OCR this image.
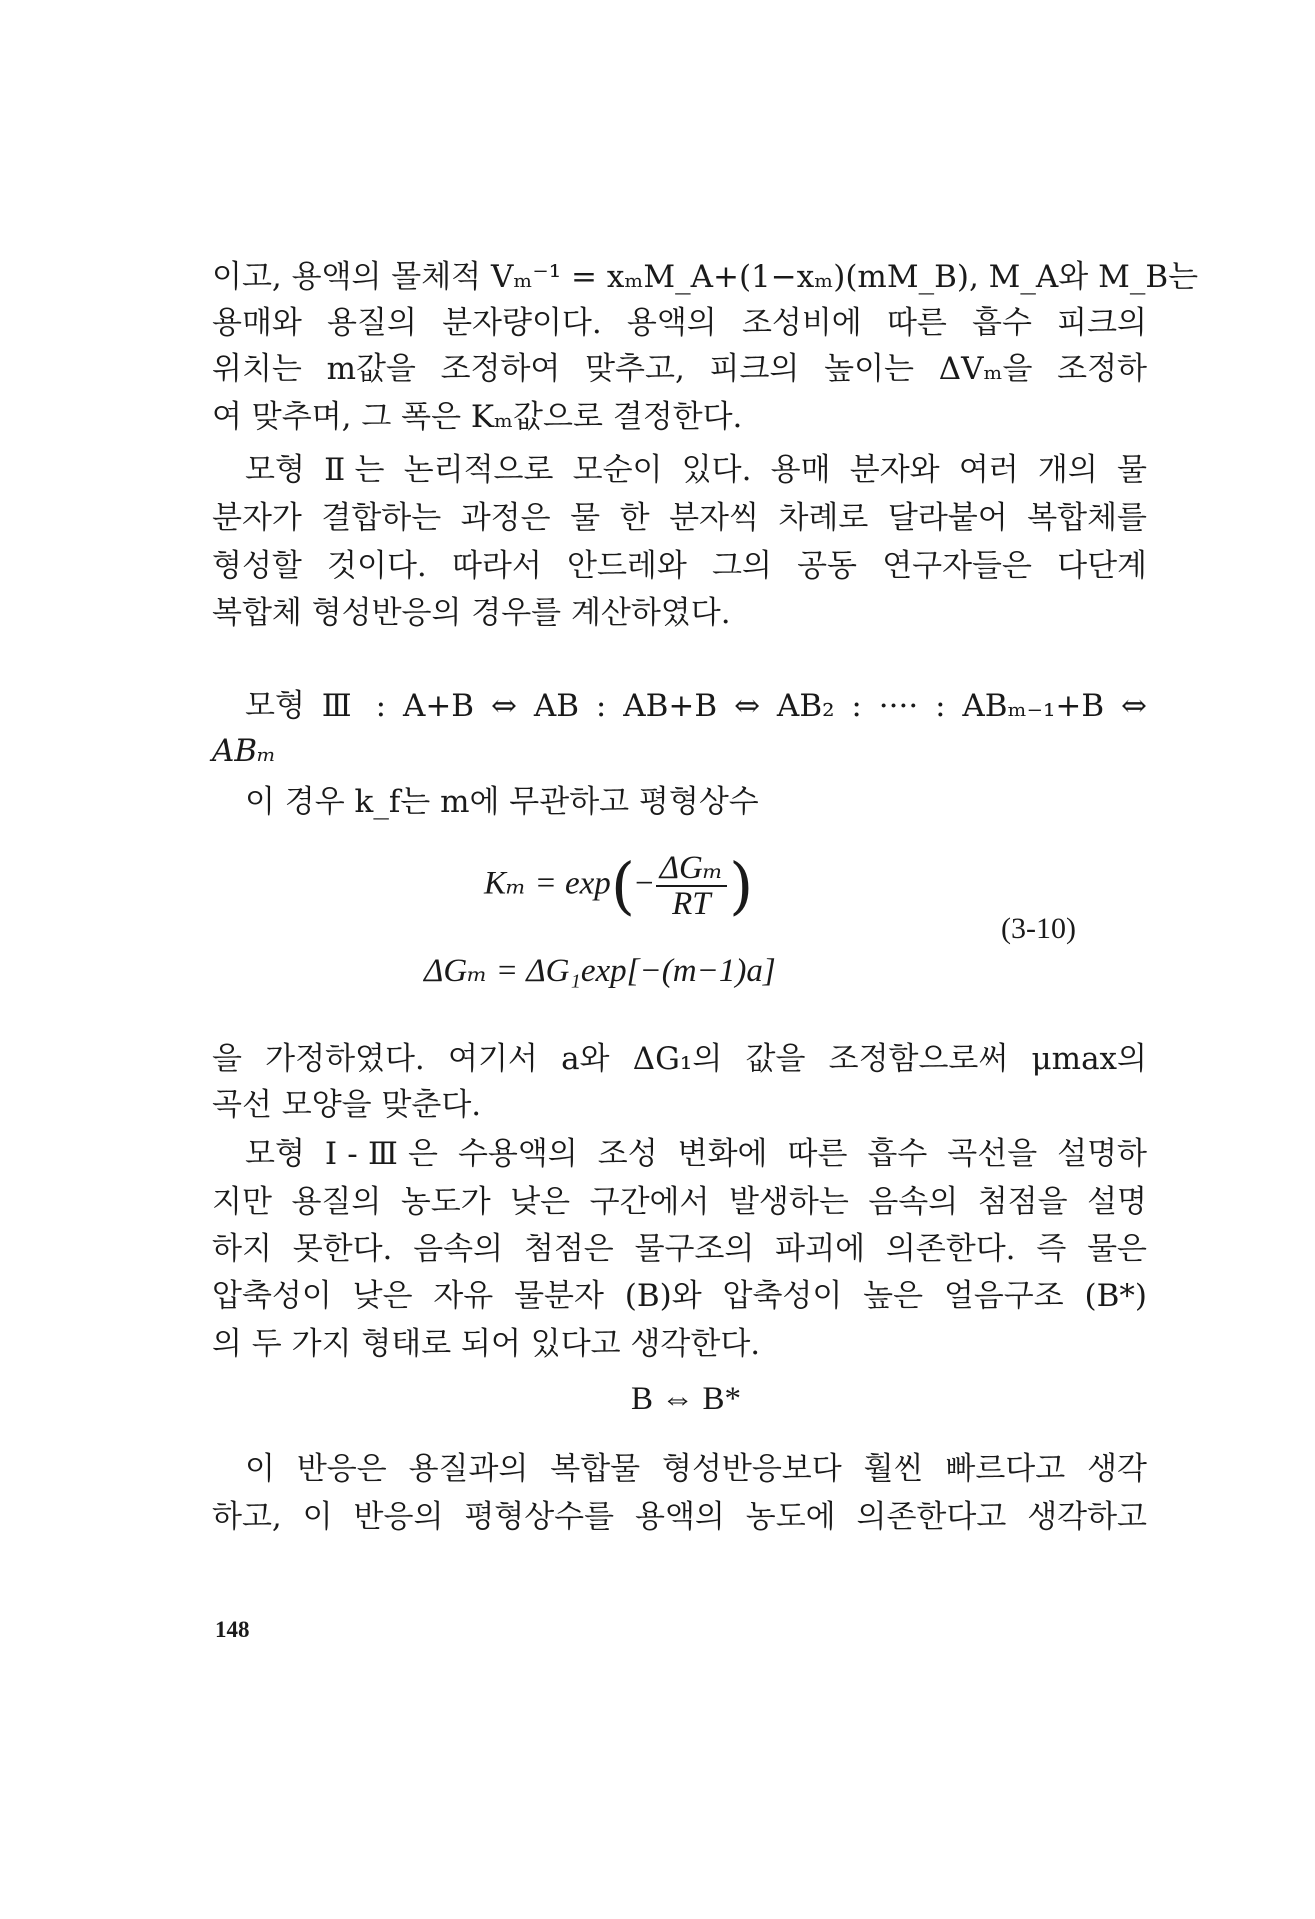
이고, 용액의 몰체적 Vₘ⁻¹ = xₘM_A+(1−xₘ)(mM_B), M_A와 M_B는
용매와 용질의 분자량이다. 용액의 조성비에 따른 흡수 피크의
위치는 m값을 조정하여 맞추고, 피크의 높이는 ΔVₘ을 조정하
여 맞추며, 그 폭은 Kₘ값으로 결정한다.
모형 Ⅱ는 논리적으로 모순이 있다. 용매 분자와 여러 개의 물
분자가 결합하는 과정은 물 한 분자씩 차례로 달라붙어 복합체를
형성할 것이다. 따라서 안드레와 그의 공동 연구자들은 다단계
복합체 형성반응의 경우를 계산하였다.
모형 Ⅲ : A+B ⇔ AB : AB+B ⇔ AB₂ : ···· : ABₘ₋₁+B ⇔
ABₘ
이 경우 k_f는 m에 무관하고 평형상수
$K_m = \exp(- \frac{\text{ΔGₘ}}{RT}$ )
(3-10)
ΔGₘ = ΔG₁exp[−(m−1)a]
을 가정하였다. 여기서 a와 ΔG₁의 값을 조정함으로써 μmax의
곡선 모양을 맞춘다.
모형 Ⅰ-Ⅲ은 수용액의 조성 변화에 따른 흡수 곡선을 설명하
지만 용질의 농도가 낮은 구간에서 발생하는 음속의 첨점을 설명
하지 못한다. 음속의 첨점은 물구조의 파괴에 의존한다. 즉 물은
압축성이 낮은 자유 물분자 (B)와 압축성이 높은 얼음구조 (B*)
의 두 가지 형태로 되어 있다고 생각한다.
B ⇔ B*
이 반응은 용질과의 복합물 형성반응보다 훨씬 빠르다고 생각
하고, 이 반응의 평형상수를 용액의 농도에 의존한다고 생각하고
148
